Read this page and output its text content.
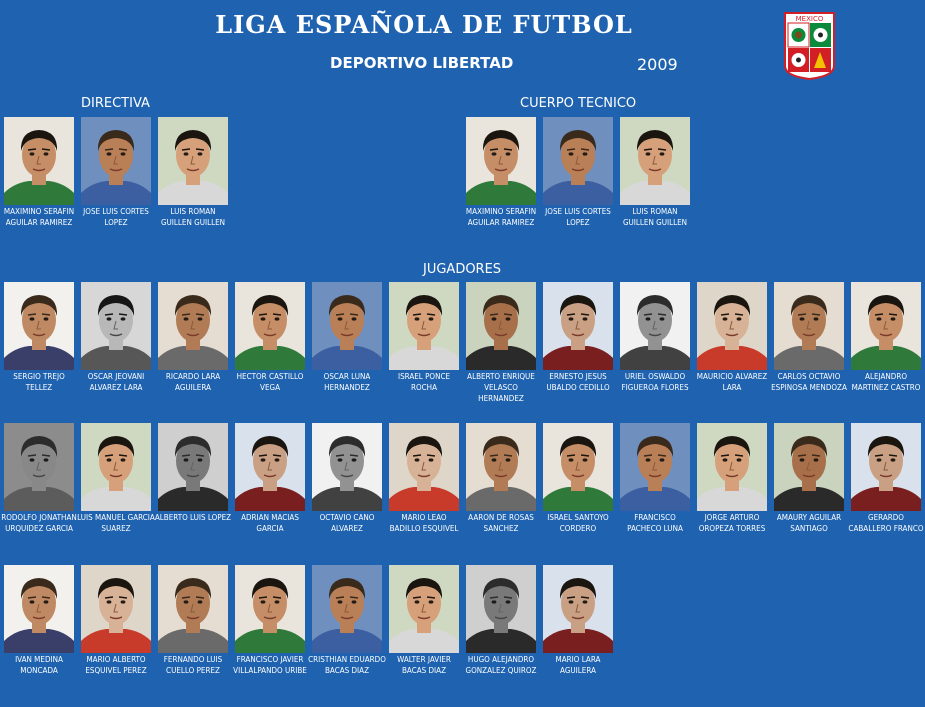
LIGA ESPAÑOLA DE FUTBOL
DEPORTIVO LIBERTAD	2009
MEXICO
DIRECTIVA	CUERPO TECNICO
JUGADORES
MAXIMINO SERAFIN AGUILAR RAMIREZ
JOSE LUIS CORTES LOPEZ
LUIS ROMAN GUILLEN GUILLEN
MAXIMINO SERAFIN AGUILAR RAMIREZ
JOSE LUIS CORTES LOPEZ
LUIS ROMAN GUILLEN GUILLEN
SERGIO TREJO TELLEZ
OSCAR JEOVANI ALVAREZ LARA
RICARDO LARA AGUILERA
HECTOR CASTILLO VEGA
OSCAR LUNA HERNANDEZ
ISRAEL PONCE ROCHA
ALBERTO ENRIQUE VELASCO HERNANDEZ
ERNESTO JESUS UBALDO CEDILLO
URIEL OSWALDO FIGUEROA FLORES
MAURICIO ALVAREZ LARA
CARLOS OCTAVIO ESPINOSA MENDOZA
ALEJANDRO MARTINEZ CASTRO
RODOLFO JONATHAN URQUIDEZ GARCIA
LUIS MANUEL GARCIA SUAREZ
ALBERTO LUIS LOPEZ	ADRIAN MACIAS GARCIA
OCTAVIO CANO ALVAREZ
MARIO LEAO BADILLO ESQUIVEL
AARON DE ROSAS SANCHEZ
ISRAEL SANTOYO CORDERO
FRANCISCO PACHECO LUNA
JORGE ARTURO OROPEZA TORRES
AMAURY AGUILAR SANTIAGO
GERARDO CABALLERO FRANCO
IVAN MEDINA MONCADA
MARIO ALBERTO ESQUIVEL PEREZ
FERNANDO LUIS CUELLO PEREZ
FRANCISCO JAVIER VILLALPANDO URIBE
CRISTHIAN EDUARDO BACAS DIAZ
WALTER JAVIER BACAS DIAZ
HUGO ALEJANDRO GONZALEZ QUIROZ
MARIO LARA AGUILERA
